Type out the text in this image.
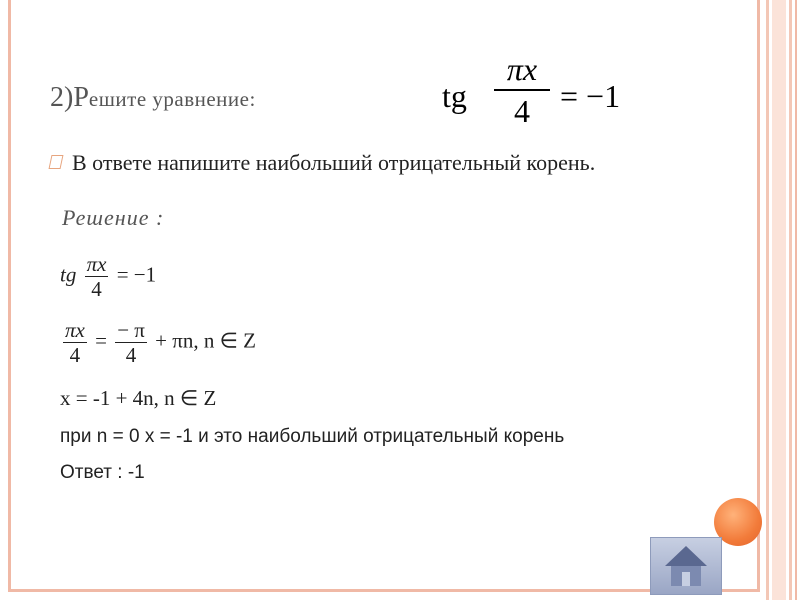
2)Решите уравнение:	tg
πx
4 = −1
В ответе напишите наибольший отрицательный корень.
Решение :
tg $\frac{\pi x}{4} = -1$
$\frac{\pi x}{4} = \frac{- \pi}{4} + \pi n$, n ∈ Z
x = -1 + 4n, n ∈ Z
при n = 0 x = -1 и это наибольший отрицательный корень
Ответ : -1
